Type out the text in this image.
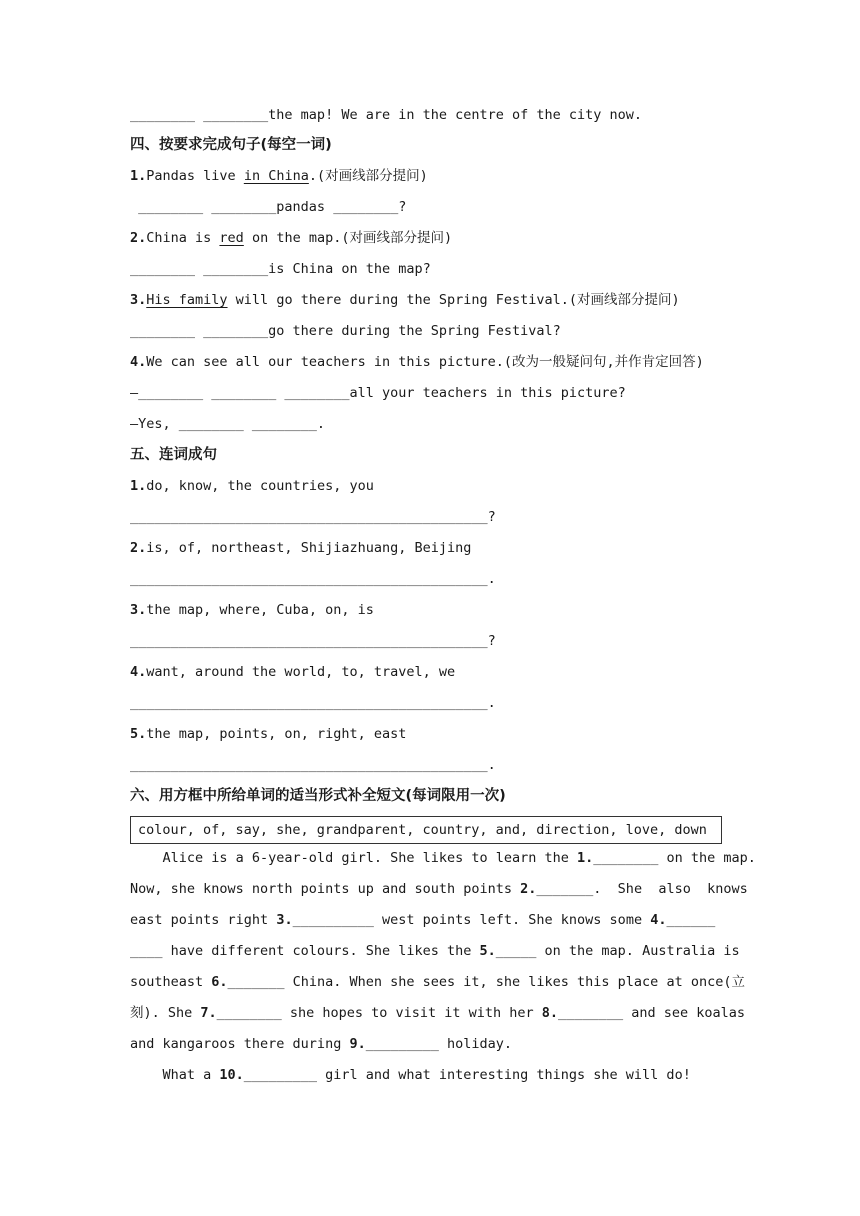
________ ________the map! We are in the centre of the city now.
四、按要求完成句子(每空一词)
1.Pandas live in China.(对画线部分提问)
________ ________pandas ________?
2.China is red on the map.(对画线部分提问)
________ ________is China on the map?
3.His family will go there during the Spring Festival.(对画线部分提问)
________ ________go there during the Spring Festival?
4.We can see all our teachers in this picture.(改为一般疑问句,并作肯定回答)
—________ ________ ________all your teachers in this picture?
—Yes, ________ ________.
五、连词成句
1.do, know, the countries, you
____________________________________________?
2.is, of, northeast, Shijiazhuang, Beijing
____________________________________________.
3.the map, where, Cuba, on, is
____________________________________________?
4.want, around the world, to, travel, we
____________________________________________.
5.the map, points, on, right, east
____________________________________________.
六、用方框中所给单词的适当形式补全短文(每词限用一次)
colour, of, say, she, grandparent, country, and, direction, love, down
Alice is a 6-year-old girl. She likes to learn the 1.________ on the map.
Now, she knows north points up and south points 2._______.  She  also  knows
east points right 3.__________ west points left. She knows some 4.______
____ have different colours. She likes the 5._____ on the map. Australia is
southeast 6._______ China. When she sees it, she likes this place at once(立
刻). She 7.________ she hopes to visit it with her 8.________ and see koalas
and kangaroos there during 9._________ holiday.
What a 10._________ girl and what interesting things she will do!
